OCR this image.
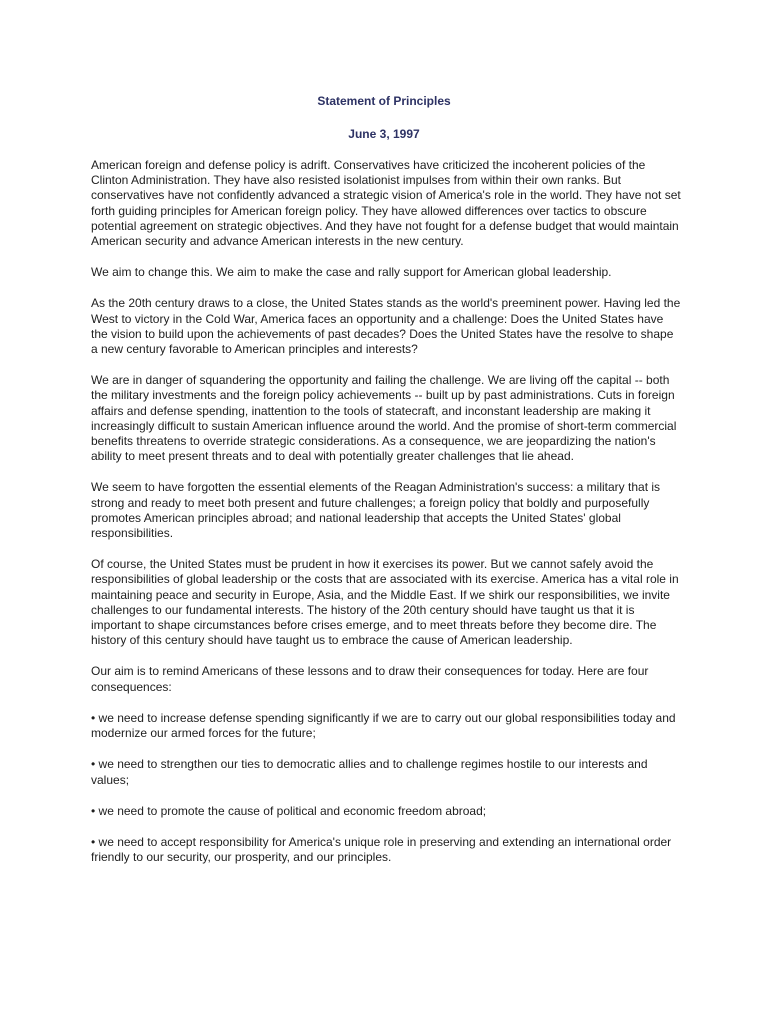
Statement of Principles
June 3, 1997

American foreign and defense policy is adrift. Conservatives have criticized the incoherent policies of the Clinton Administration. They have also resisted isolationist impulses from within their own ranks. But conservatives have not confidently advanced a strategic vision of America's role in the world. They have not set forth guiding principles for American foreign policy. They have allowed differences over tactics to obscure potential agreement on strategic objectives. And they have not fought for a defense budget that would maintain American security and advance American interests in the new century.

We aim to change this. We aim to make the case and rally support for American global leadership.

As the 20th century draws to a close, the United States stands as the world's preeminent power. Having led the West to victory in the Cold War, America faces an opportunity and a challenge: Does the United States have the vision to build upon the achievements of past decades? Does the United States have the resolve to shape a new century favorable to American principles and interests?

We are in danger of squandering the opportunity and failing the challenge. We are living off the capital -- both the military investments and the foreign policy achievements -- built up by past administrations. Cuts in foreign affairs and defense spending, inattention to the tools of statecraft, and inconstant leadership are making it increasingly difficult to sustain American influence around the world. And the promise of short-term commercial benefits threatens to override strategic considerations. As a consequence, we are jeopardizing the nation's ability to meet present threats and to deal with potentially greater challenges that lie ahead.

We seem to have forgotten the essential elements of the Reagan Administration's success: a military that is strong and ready to meet both present and future challenges; a foreign policy that boldly and purposefully promotes American principles abroad; and national leadership that accepts the United States' global responsibilities.

Of course, the United States must be prudent in how it exercises its power. But we cannot safely avoid the responsibilities of global leadership or the costs that are associated with its exercise. America has a vital role in maintaining peace and security in Europe, Asia, and the Middle East. If we shirk our responsibilities, we invite challenges to our fundamental interests. The history of the 20th century should have taught us that it is important to shape circumstances before crises emerge, and to meet threats before they become dire. The history of this century should have taught us to embrace the cause of American leadership.

Our aim is to remind Americans of these lessons and to draw their consequences for today. Here are four consequences:

• we need to increase defense spending significantly if we are to carry out our global responsibilities today and modernize our armed forces for the future;

• we need to strengthen our ties to democratic allies and to challenge regimes hostile to our interests and values;

• we need to promote the cause of political and economic freedom abroad;

• we need to accept responsibility for America's unique role in preserving and extending an international order friendly to our security, our prosperity, and our principles.
